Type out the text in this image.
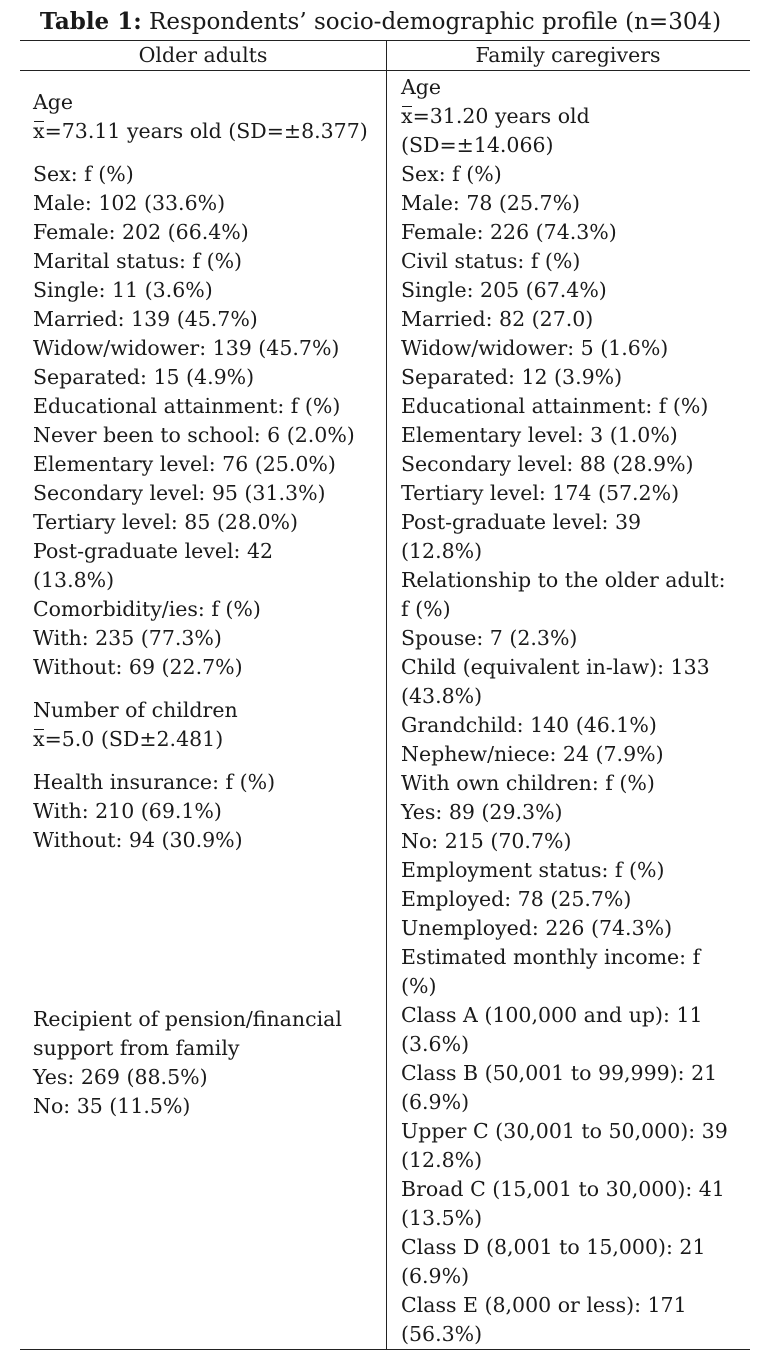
Table 1: Respondents’ socio-demographic profile (n=304)
Older adults	Family caregivers
Age
x=73.11 years old (SD=±8.377)
Sex: f (%)
Male: 102 (33.6%)
Female: 202 (66.4%)
Marital status: f (%)
Single: 11 (3.6%)
Married: 139 (45.7%)
Widow/widower: 139 (45.7%)
Separated: 15 (4.9%)
Educational attainment: f (%)
Never been to school: 6 (2.0%)
Elementary level: 76 (25.0%)
Secondary level: 95 (31.3%)
Tertiary level: 85 (28.0%)
Post-graduate level: 42
(13.8%)
Comorbidity/ies: f (%)
With: 235 (77.3%)
Without: 69 (22.7%)
Number of children
x=5.0 (SD±2.481)
Health insurance: f (%)
With: 210 (69.1%)
Without: 94 (30.9%)
Recipient of pension/financial
support from family
Yes: 269 (88.5%)
No: 35 (11.5%)
Age
x=31.20 years old
(SD=±14.066)
Sex: f (%)
Male: 78 (25.7%)
Female: 226 (74.3%)
Civil status: f (%)
Single: 205 (67.4%)
Married: 82 (27.0)
Widow/widower: 5 (1.6%)
Separated: 12 (3.9%)
Educational attainment: f (%)
Elementary level: 3 (1.0%)
Secondary level: 88 (28.9%)
Tertiary level: 174 (57.2%)
Post-graduate level: 39
(12.8%)
Relationship to the older adult:
f (%)
Spouse: 7 (2.3%)
Child (equivalent in-law): 133
(43.8%)
Grandchild: 140 (46.1%)
Nephew/niece: 24 (7.9%)
With own children: f (%)
Yes: 89 (29.3%)
No: 215 (70.7%)
Employment status: f (%)
Employed: 78 (25.7%)
Unemployed: 226 (74.3%)
Estimated monthly income: f
(%)
Class A (100,000 and up): 11
(3.6%)
Class B (50,001 to 99,999): 21
(6.9%)
Upper C (30,001 to 50,000): 39
(12.8%)
Broad C (15,001 to 30,000): 41
(13.5%)
Class D (8,001 to 15,000): 21
(6.9%)
Class E (8,000 or less): 171
(56.3%)
